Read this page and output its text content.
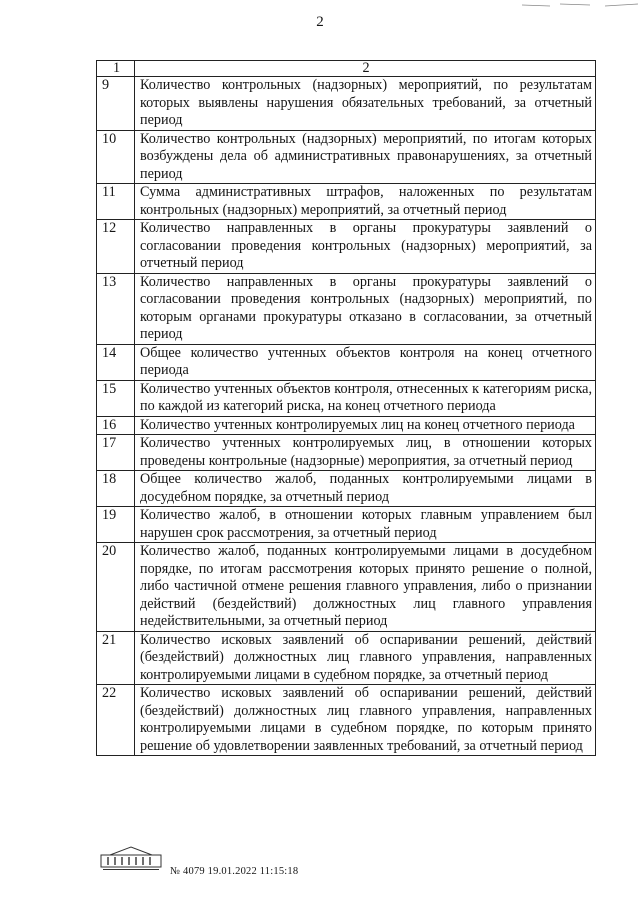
2
1	2
9	Количество контрольных (надзорных) мероприятий, по результатам которых выявлены нарушения обязательных требований, за отчетный период
10	Количество контрольных (надзорных) мероприятий, по итогам которых возбуждены дела об административных правонарушениях, за отчетный период
11	Сумма административных штрафов, наложенных по результатам контрольных (надзорных) мероприятий, за отчетный период
12	Количество направленных в органы прокуратуры заявлений о согласовании проведения контрольных (надзорных) мероприятий, за отчетный период
13	Количество направленных в органы прокуратуры заявлений о согласовании проведения контрольных (надзорных) мероприятий, по которым органами прокуратуры отказано в согласовании, за отчетный период
14	Общее количество учтенных объектов контроля на конец отчетного периода
15	Количество учтенных объектов контроля, отнесенных к категориям риска, по каждой из категорий риска, на конец отчетного периода
16	Количество учтенных контролируемых лиц на конец отчетного периода
17	Количество учтенных контролируемых лиц, в отношении которых проведены контрольные (надзорные) мероприятия, за отчетный период
18	Общее количество жалоб, поданных контролируемыми лицами в досудебном порядке, за отчетный период
19	Количество жалоб, в отношении которых главным управлением был нарушен срок рассмотрения, за отчетный период
20	Количество жалоб, поданных контролируемыми лицами в досудебном порядке, по итогам рассмотрения которых принято решение о полной, либо частичной отмене решения главного управления, либо о признании действий (бездействий) должностных лиц главного управления недействительными, за отчетный период
21	Количество исковых заявлений об оспаривании решений, действий (бездействий) должностных лиц главного управления, направленных контролируемыми лицами в судебном порядке, за отчетный период
22	Количество исковых заявлений об оспаривании решений, действий (бездействий) должностных лиц главного управления, направленных контролируемыми лицами в судебном порядке, по которым принято решение об удовлетворении заявленных требований, за отчетный период
№ 4079 19.01.2022 11:15:18
